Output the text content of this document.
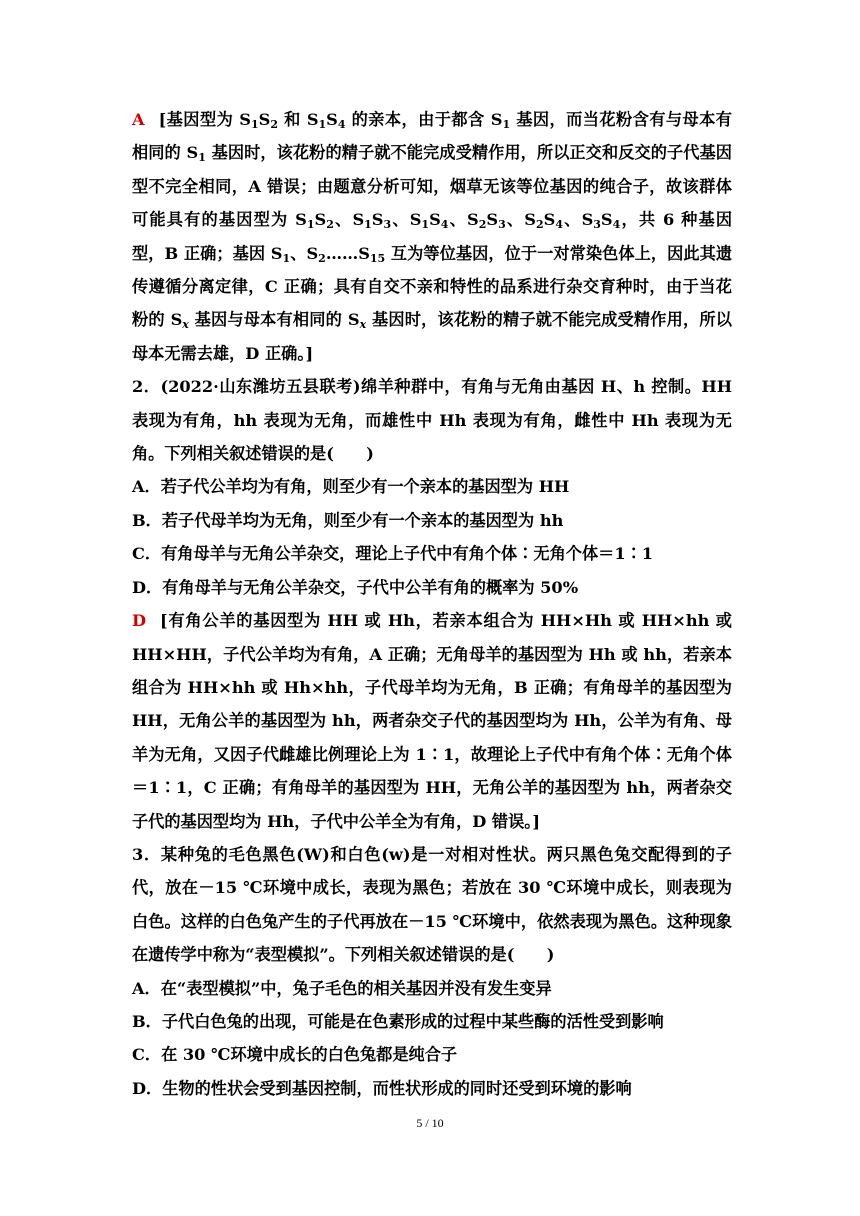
A [基因型为 $S_1S_2$ 和 $S_1S_4$ 的亲本，由于都含 $S_1$ 基因，而当花粉含有与母本有相同的 $S_1$ 基因时，该花粉的精子就不能完成受精作用，所以正交和反交的子代基因型不完全相同，A 错误；由题意分析可知，烟草无该等位基因的纯合子，故该群体可能具有的基因型为 $S_1S_2$、$S_1S_3$、$S_1S_4$、$S_2S_3$、$S_2S_4$、$S_3S_4$，共 6 种基因型，B 正确；基因 $S_1$、$S_2\dots\dots S_{15}$ 互为等位基因，位于一对常染色体上，因此其遗传遵循分离定律，C 正确；具有自交不亲和特性的品系进行杂交育种时，由于当花粉的 $S_x$ 基因与母本有相同的 $S_x$ 基因时，该花粉的精子就不能完成受精作用，所以母本无需去雄，D 正确。]

2．(2022·山东潍坊五县联考)绵羊种群中，有角与无角由基因 H、h 控制。HH 表现为有角，hh 表现为无角，而雄性中 Hh 表现为有角，雌性中 Hh 表现为无角。下列相关叙述错误的是(　　)

A．若子代公羊均为有角，则至少有一个亲本的基因型为 HH

B．若子代母羊均为无角，则至少有一个亲本的基因型为 hh

C．有角母羊与无角公羊杂交，理论上子代中有角个体∶无角个体＝1∶1

D．有角母羊与无角公羊杂交，子代中公羊有角的概率为 50%

D [有角公羊的基因型为 HH 或 Hh，若亲本组合为 HH×Hh 或 HH×hh 或 HH×HH，子代公羊均为有角，A 正确；无角母羊的基因型为 Hh 或 hh，若亲本组合为 HH×hh 或 Hh×hh，子代母羊均为无角，B 正确；有角母羊的基因型为 HH，无角公羊的基因型为 hh，两者杂交子代的基因型均为 Hh，公羊为有角、母羊为无角，又因子代雌雄比例理论上为 1∶1，故理论上子代中有角个体∶无角个体＝1∶1，C 正确；有角母羊的基因型为 HH，无角公羊的基因型为 hh，两者杂交子代的基因型均为 Hh，子代中公羊全为有角，D 错误。]

3．某种兔的毛色黑色(W)和白色(w)是一对相对性状。两只黑色兔交配得到的子代，放在－15 ℃环境中成长，表现为黑色；若放在 30 ℃环境中成长，则表现为白色。这样的白色兔产生的子代再放在－15 ℃环境中，依然表现为黑色。这种现象在遗传学中称为“表型模拟”。下列相关叙述错误的是(　　)

A．在“表型模拟”中，兔子毛色的相关基因并没有发生变异

B．子代白色兔的出现，可能是在色素形成的过程中某些酶的活性受到影响

C．在 30 ℃环境中成长的白色兔都是纯合子

D．生物的性状会受到基因控制，而性状形成的同时还受到环境的影响

5 / 10
